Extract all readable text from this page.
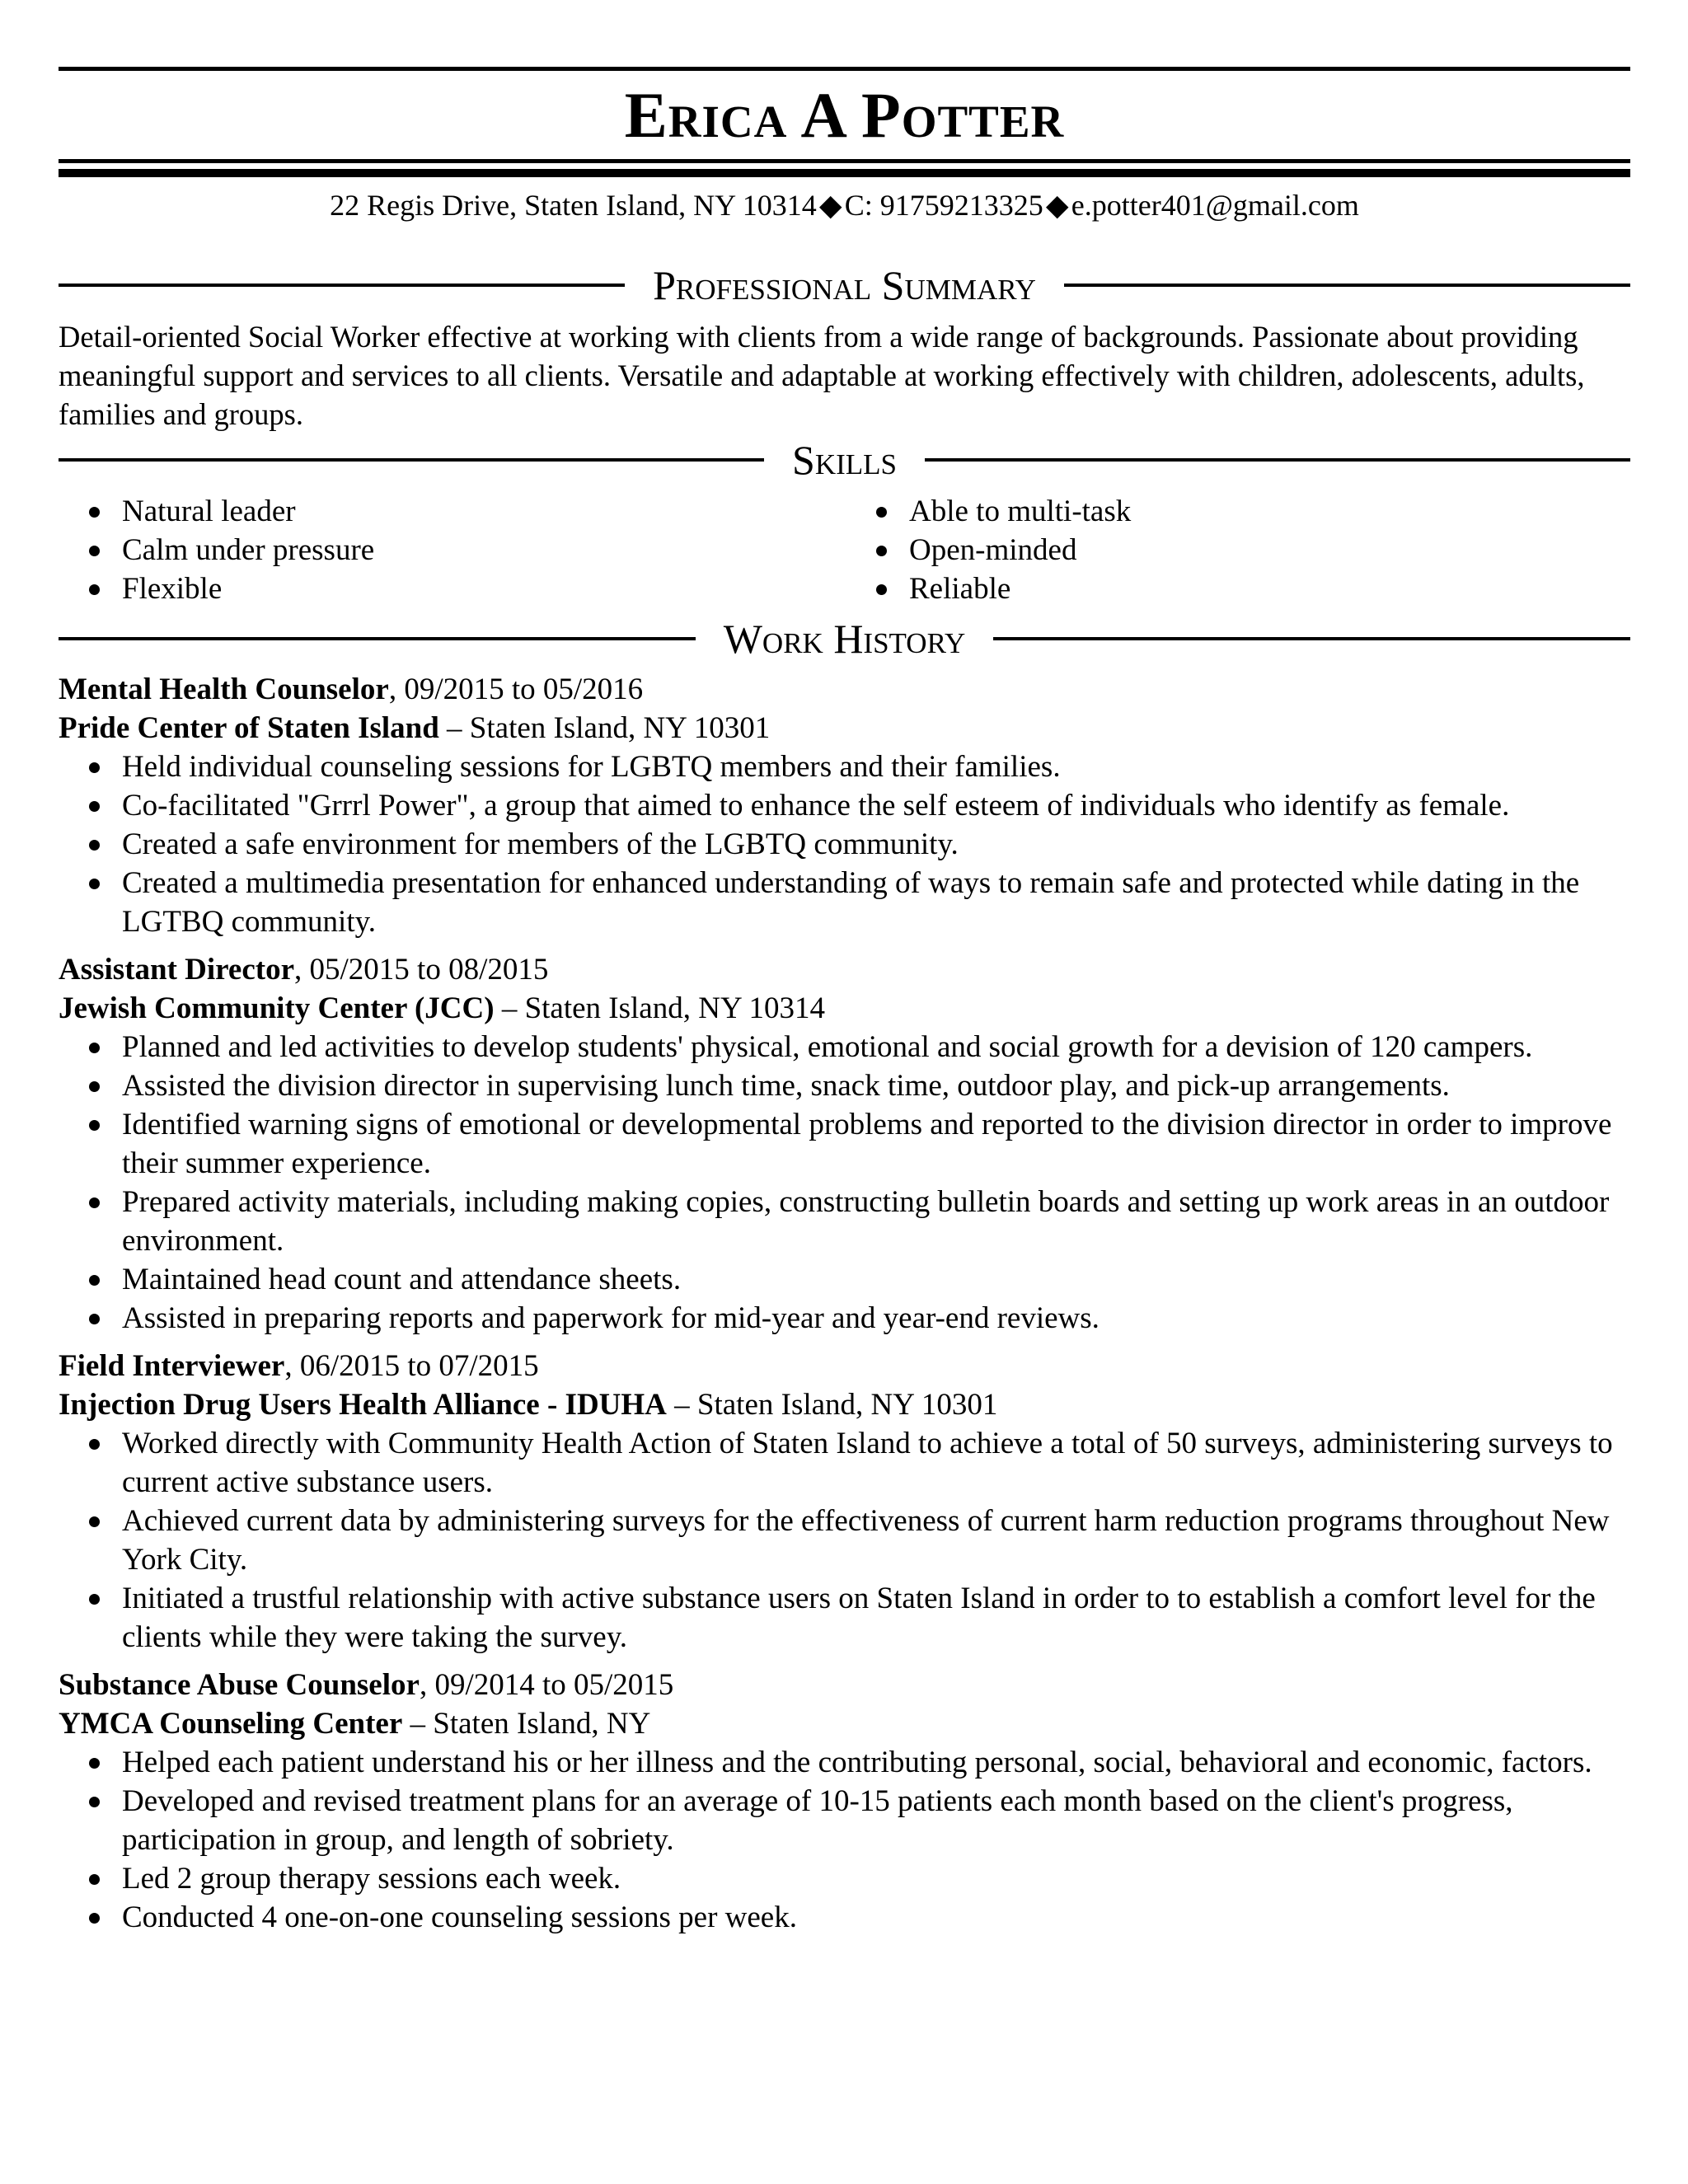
Erica A Potter
22 Regis Drive, Staten Island, NY 10314◆C: 91759213325◆e.potter401@gmail.com
Professional Summary
Detail-oriented Social Worker effective at working with clients from a wide range of backgrounds. Passionate about providing meaningful support and services to all clients. Versatile and adaptable at working effectively with children, adolescents, adults, families and groups.
Skills
Natural leader	Able to multi-task
Calm under pressure	Open-minded
Flexible	Reliable
Work History
Mental Health Counselor, 09/2015 to 05/2016
Pride Center of Staten Island – Staten Island, NY 10301
Held individual counseling sessions for LGBTQ members and their families.
Co-facilitated "Grrrl Power", a group that aimed to enhance the self esteem of individuals who identify as female.
Created a safe environment for members of the LGBTQ community.
Created a multimedia presentation for enhanced understanding of ways to remain safe and protected while dating in the LGTBQ community.
Assistant Director, 05/2015 to 08/2015
Jewish Community Center (JCC) – Staten Island, NY 10314
Planned and led activities to develop students' physical, emotional and social growth for a devision of 120 campers.
Assisted the division director in supervising lunch time, snack time, outdoor play, and pick-up arrangements.
Identified warning signs of emotional or developmental problems and reported to the division director in order to improve their summer experience.
Prepared activity materials, including making copies, constructing bulletin boards and setting up work areas in an outdoor environment.
Maintained head count and attendance sheets.
Assisted in preparing reports and paperwork for mid-year and year-end reviews.
Field Interviewer, 06/2015 to 07/2015
Injection Drug Users Health Alliance - IDUHA – Staten Island, NY 10301
Worked directly with Community Health Action of Staten Island to achieve a total of 50 surveys, administering surveys to current active substance users.
Achieved current data by administering surveys for the effectiveness of current harm reduction programs throughout New York City.
Initiated a trustful relationship with active substance users on Staten Island in order to to establish a comfort level for the clients while they were taking the survey.
Substance Abuse Counselor, 09/2014 to 05/2015
YMCA Counseling Center – Staten Island, NY
Helped each patient understand his or her illness and the contributing personal, social, behavioral and economic, factors.
Developed and revised treatment plans for an average of 10-15 patients each month based on the client's progress, participation in group, and length of sobriety.
Led 2 group therapy sessions each week.
Conducted 4 one-on-one counseling sessions per week.
